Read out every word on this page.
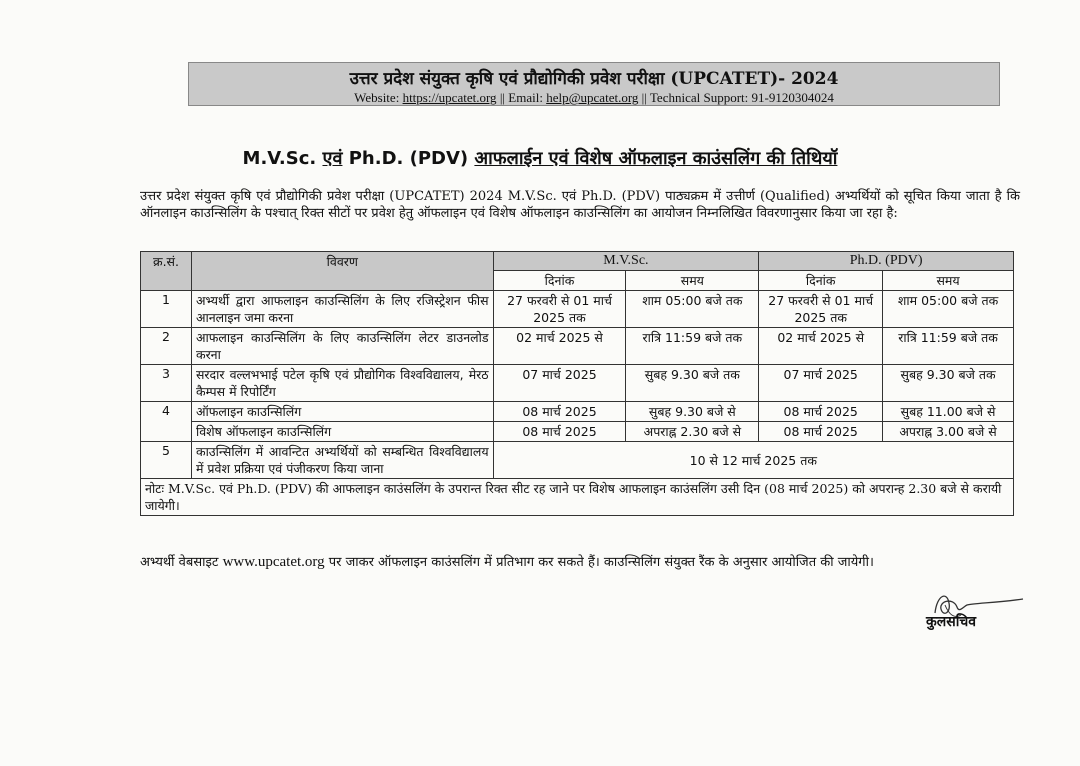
उत्तर प्रदेश संयुक्त कृषि एवं प्रौद्योगिकी प्रवेश परीक्षा (UPCATET)- 2024
Website: https://upcatet.org || Email: help@upcatet.org || Technical Support: 91-9120304024
M.V.Sc. एवं Ph.D. (PDV) आफलाईन एवं विशेष ऑफलाइन काउंसलिंग की तिथियॉ

उत्तर प्रदेश संयुक्त कृषि एवं प्रौद्योगिकी प्रवेश परीक्षा (UPCATET) 2024 M.V.Sc. एवं Ph.D. (PDV) पाठ्यक्रम में उत्तीर्ण (Qualified) अभ्यर्थियों को सूचित किया जाता है कि ऑनलाइन काउन्सिलिंग के पश्चात् रिक्त सीटों पर प्रवेश हेतु ऑफलाइन एवं विशेष ऑफलाइन काउन्सिलिंग का आयोजन निम्नलिखित विवरणानुसार किया जा रहा है:

क्र.सं.	विवरण	M.V.Sc.		Ph.D. (PDV)	
		दिनांक	समय	दिनांक	समय
1	अभ्यर्थी द्वारा आफलाइन काउन्सिलिंग के लिए रजिस्ट्रेशन फीस आनलाइन जमा करना	27 फरवरी से 01 मार्च 2025 तक	शाम 05:00 बजे तक	27 फरवरी से 01 मार्च 2025 तक	शाम 05:00 बजे तक
2	आफलाइन काउन्सिलिंग के लिए काउन्सिलिंग लेटर डाउनलोड करना	02 मार्च 2025 से	रात्रि 11:59 बजे तक	02 मार्च 2025 से	रात्रि 11:59 बजे तक
3	सरदार वल्लभभाई पटेल कृषि एवं प्रौद्योगिक विश्वविद्यालय, मेरठ कैम्पस में रिपोर्टिंग	07 मार्च 2025	सुबह 9.30 बजे तक	07 मार्च 2025	सुबह 9.30 बजे तक
4	ऑफलाइन काउन्सिलिंग	08 मार्च 2025	सुबह 9.30 बजे से	08 मार्च 2025	सुबह 11.00 बजे से
	विशेष ऑफलाइन काउन्सिलिंग	08 मार्च 2025	अपराह्न 2.30 बजे से	08 मार्च 2025	अपराह्न 3.00 बजे से
5	काउन्सिलिंग में आवन्टित अभ्यर्थियों को सम्बन्धित विश्वविद्यालय में प्रवेश प्रक्रिया एवं पंजीकरण किया जाना	10 से 12 मार्च 2025 तक			
नोटः M.V.Sc. एवं Ph.D. (PDV) की आफलाइन काउंसलिंग के उपरान्त रिक्त सीट रह जाने पर विशेष आफलाइन काउंसलिंग उसी दिन (08 मार्च 2025) को अपरान्ह 2.30 बजे से करायी जायेगी।					
अभ्यर्थी वेबसाइट www.upcatet.org पर जाकर ऑफलाइन काउंसलिंग में प्रतिभाग कर सकते हैं। काउन्सिलिंग संयुक्त रैंक के अनुसार आयोजित की जायेगी।
कुलसचिव
